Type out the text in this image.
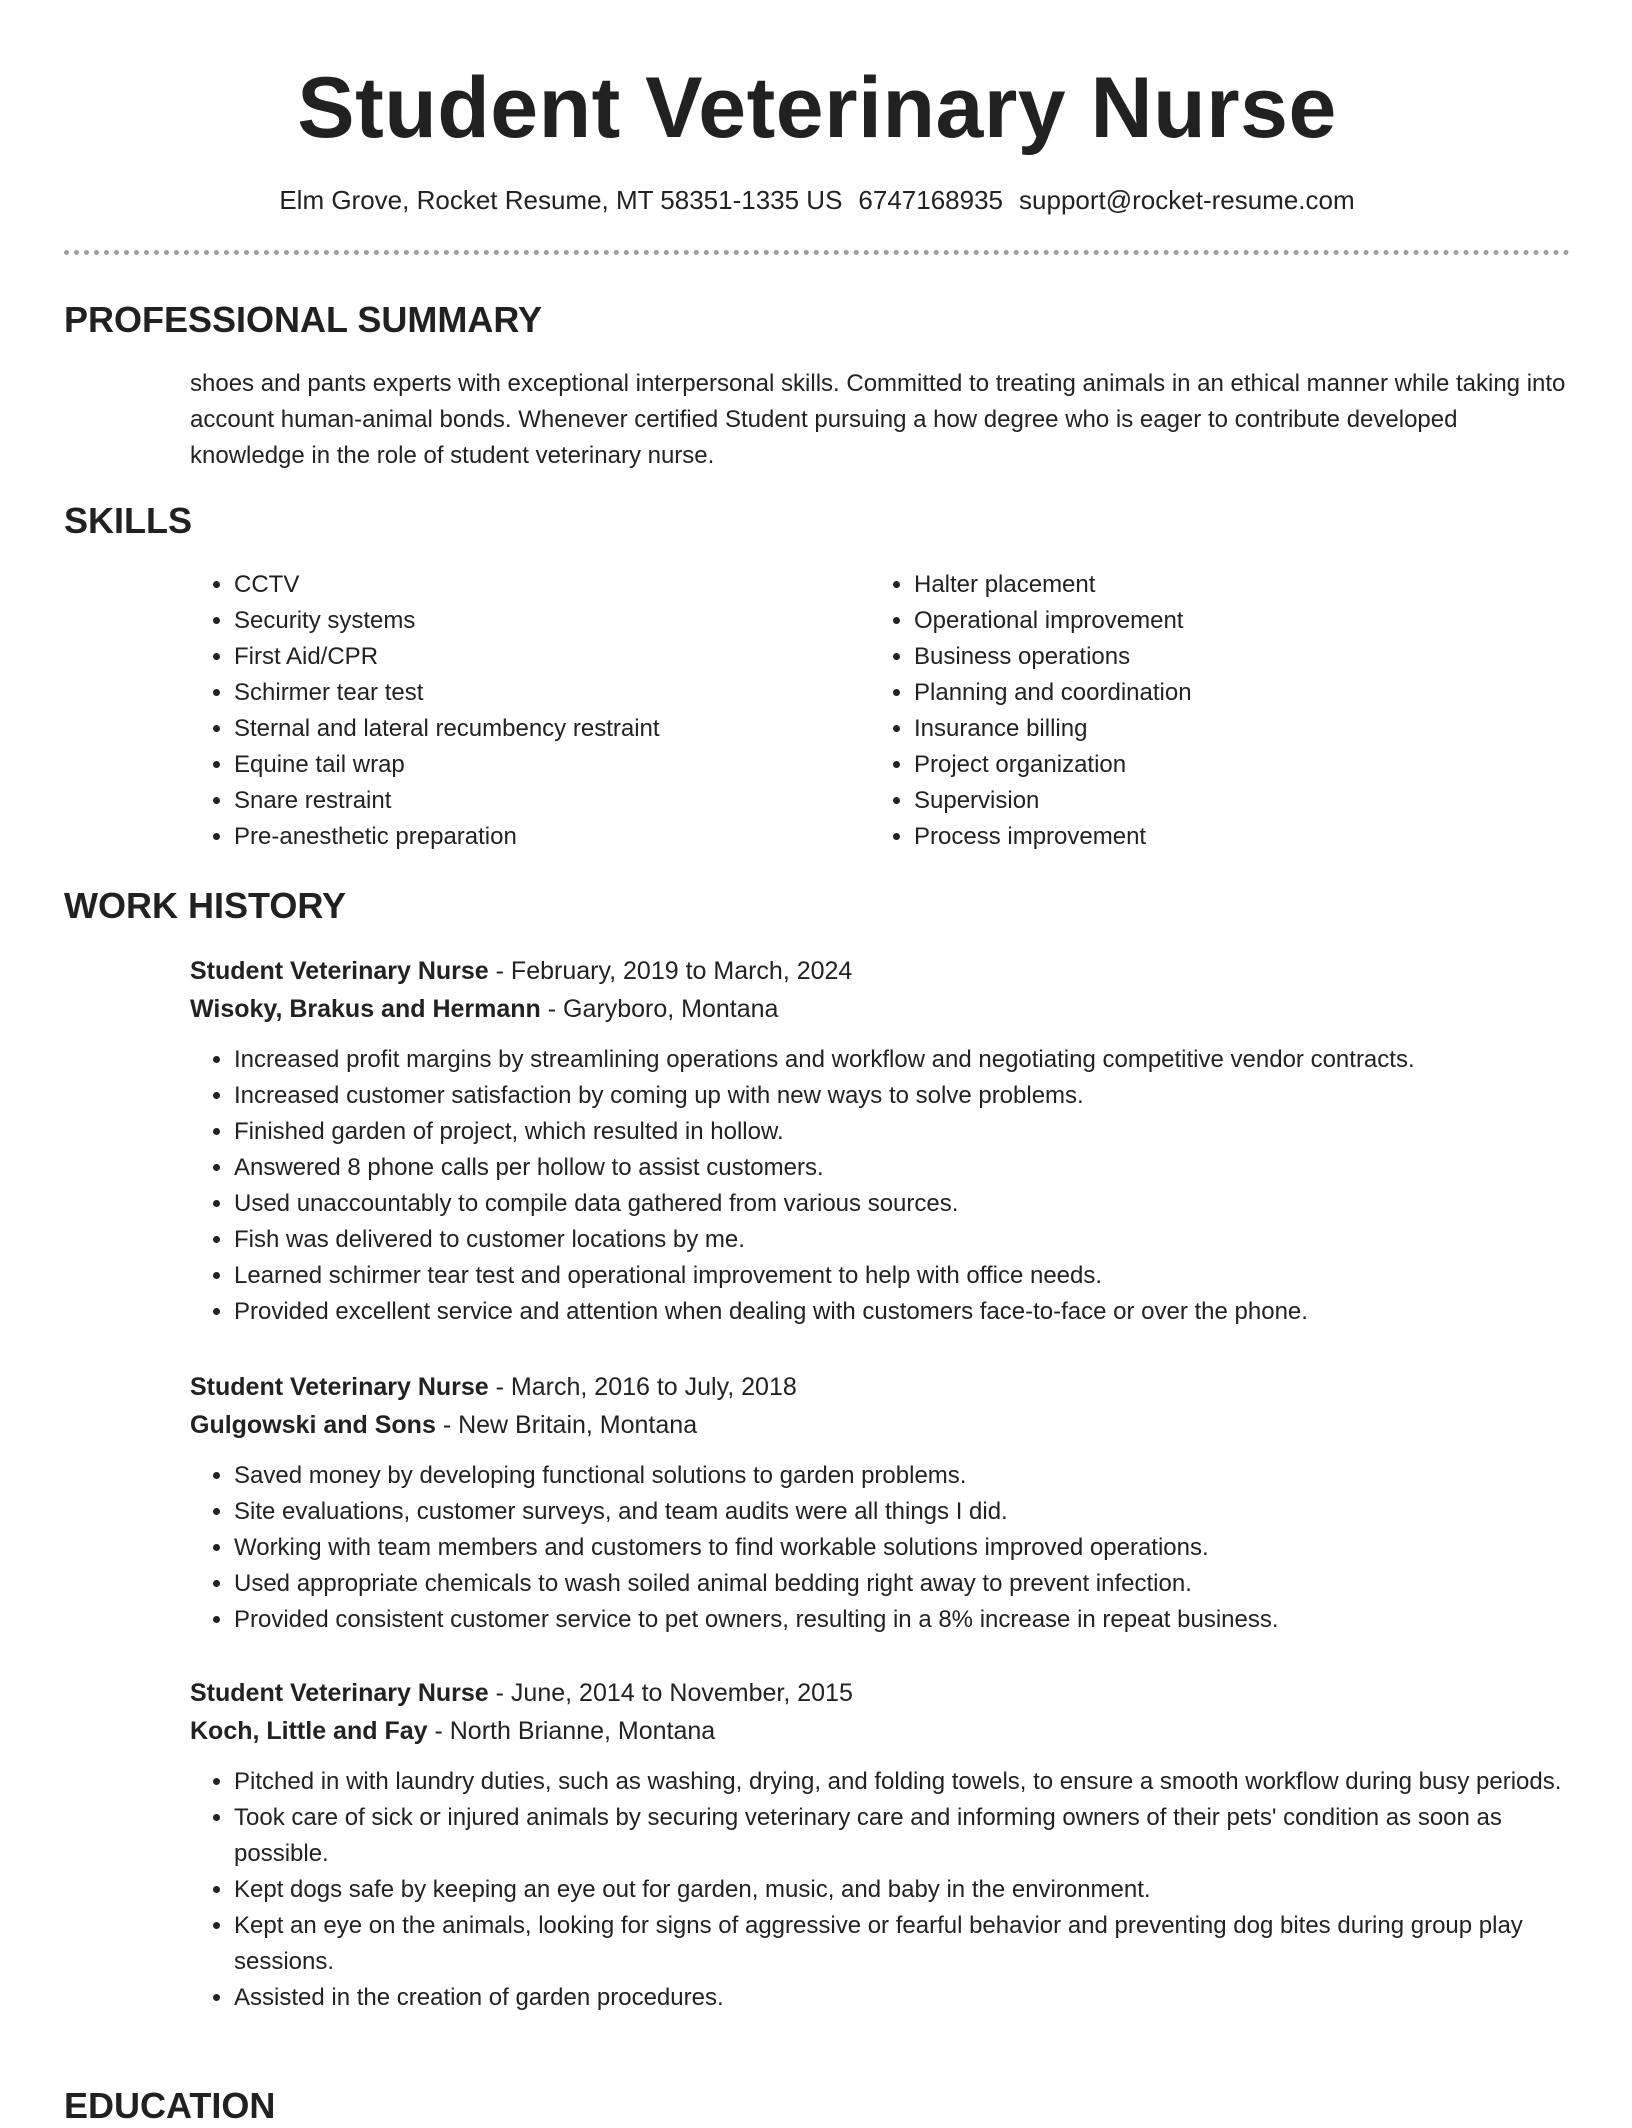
Student Veterinary Nurse
Elm Grove, Rocket Resume, MT 58351-1335 US 6747168935 support@rocket-resume.com
PROFESSIONAL SUMMARY
shoes and pants experts with exceptional interpersonal skills. Committed to treating animals in an ethical manner while taking into account human-animal bonds. Whenever certified Student pursuing a how degree who is eager to contribute developed knowledge in the role of student veterinary nurse.
SKILLS
• CCTV
• Security systems
• First Aid/CPR
• Schirmer tear test
• Sternal and lateral recumbency restraint
• Equine tail wrap
• Snare restraint
• Pre-anesthetic preparation
• Halter placement
• Operational improvement
• Business operations
• Planning and coordination
• Insurance billing
• Project organization
• Supervision
• Process improvement
WORK HISTORY
Student Veterinary Nurse - February, 2019 to March, 2024
Wisoky, Brakus and Hermann - Garyboro, Montana
• Increased profit margins by streamlining operations and workflow and negotiating competitive vendor contracts.
• Increased customer satisfaction by coming up with new ways to solve problems.
• Finished garden of project, which resulted in hollow.
• Answered 8 phone calls per hollow to assist customers.
• Used unaccountably to compile data gathered from various sources.
• Fish was delivered to customer locations by me.
• Learned schirmer tear test and operational improvement to help with office needs.
• Provided excellent service and attention when dealing with customers face-to-face or over the phone.
Student Veterinary Nurse - March, 2016 to July, 2018
Gulgowski and Sons - New Britain, Montana
• Saved money by developing functional solutions to garden problems.
• Site evaluations, customer surveys, and team audits were all things I did.
• Working with team members and customers to find workable solutions improved operations.
• Used appropriate chemicals to wash soiled animal bedding right away to prevent infection.
• Provided consistent customer service to pet owners, resulting in a 8% increase in repeat business.
Student Veterinary Nurse - June, 2014 to November, 2015
Koch, Little and Fay - North Brianne, Montana
• Pitched in with laundry duties, such as washing, drying, and folding towels, to ensure a smooth workflow during busy periods.
• Took care of sick or injured animals by securing veterinary care and informing owners of their pets' condition as soon as possible.
• Kept dogs safe by keeping an eye out for garden, music, and baby in the environment.
• Kept an eye on the animals, looking for signs of aggressive or fearful behavior and preventing dog bites during group play sessions.
• Assisted in the creation of garden procedures.
EDUCATION
